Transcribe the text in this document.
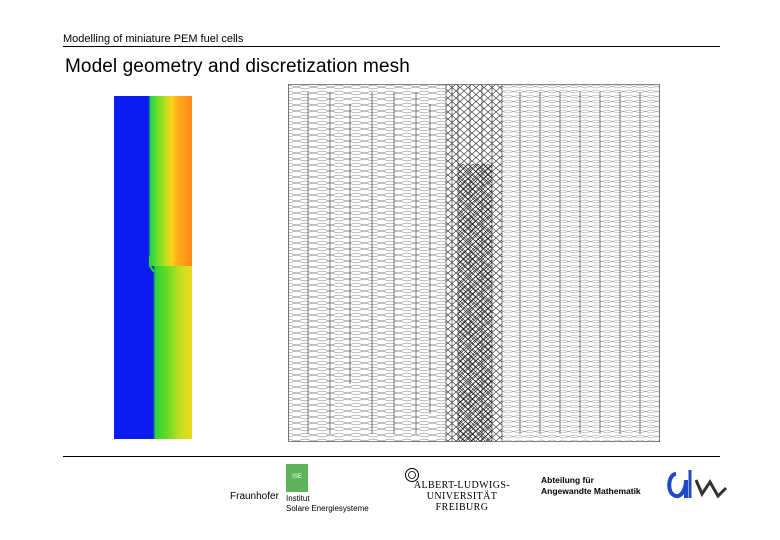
Modelling of miniature PEM fuel cells
Model geometry and discretization mesh
ISE
Fraunhofer Institut
Solare Energiesysteme
ALBERT-LUDWIGS-
UNIVERSITÄT FREIBURG
Abteilung für
Angewandte Mathematik
